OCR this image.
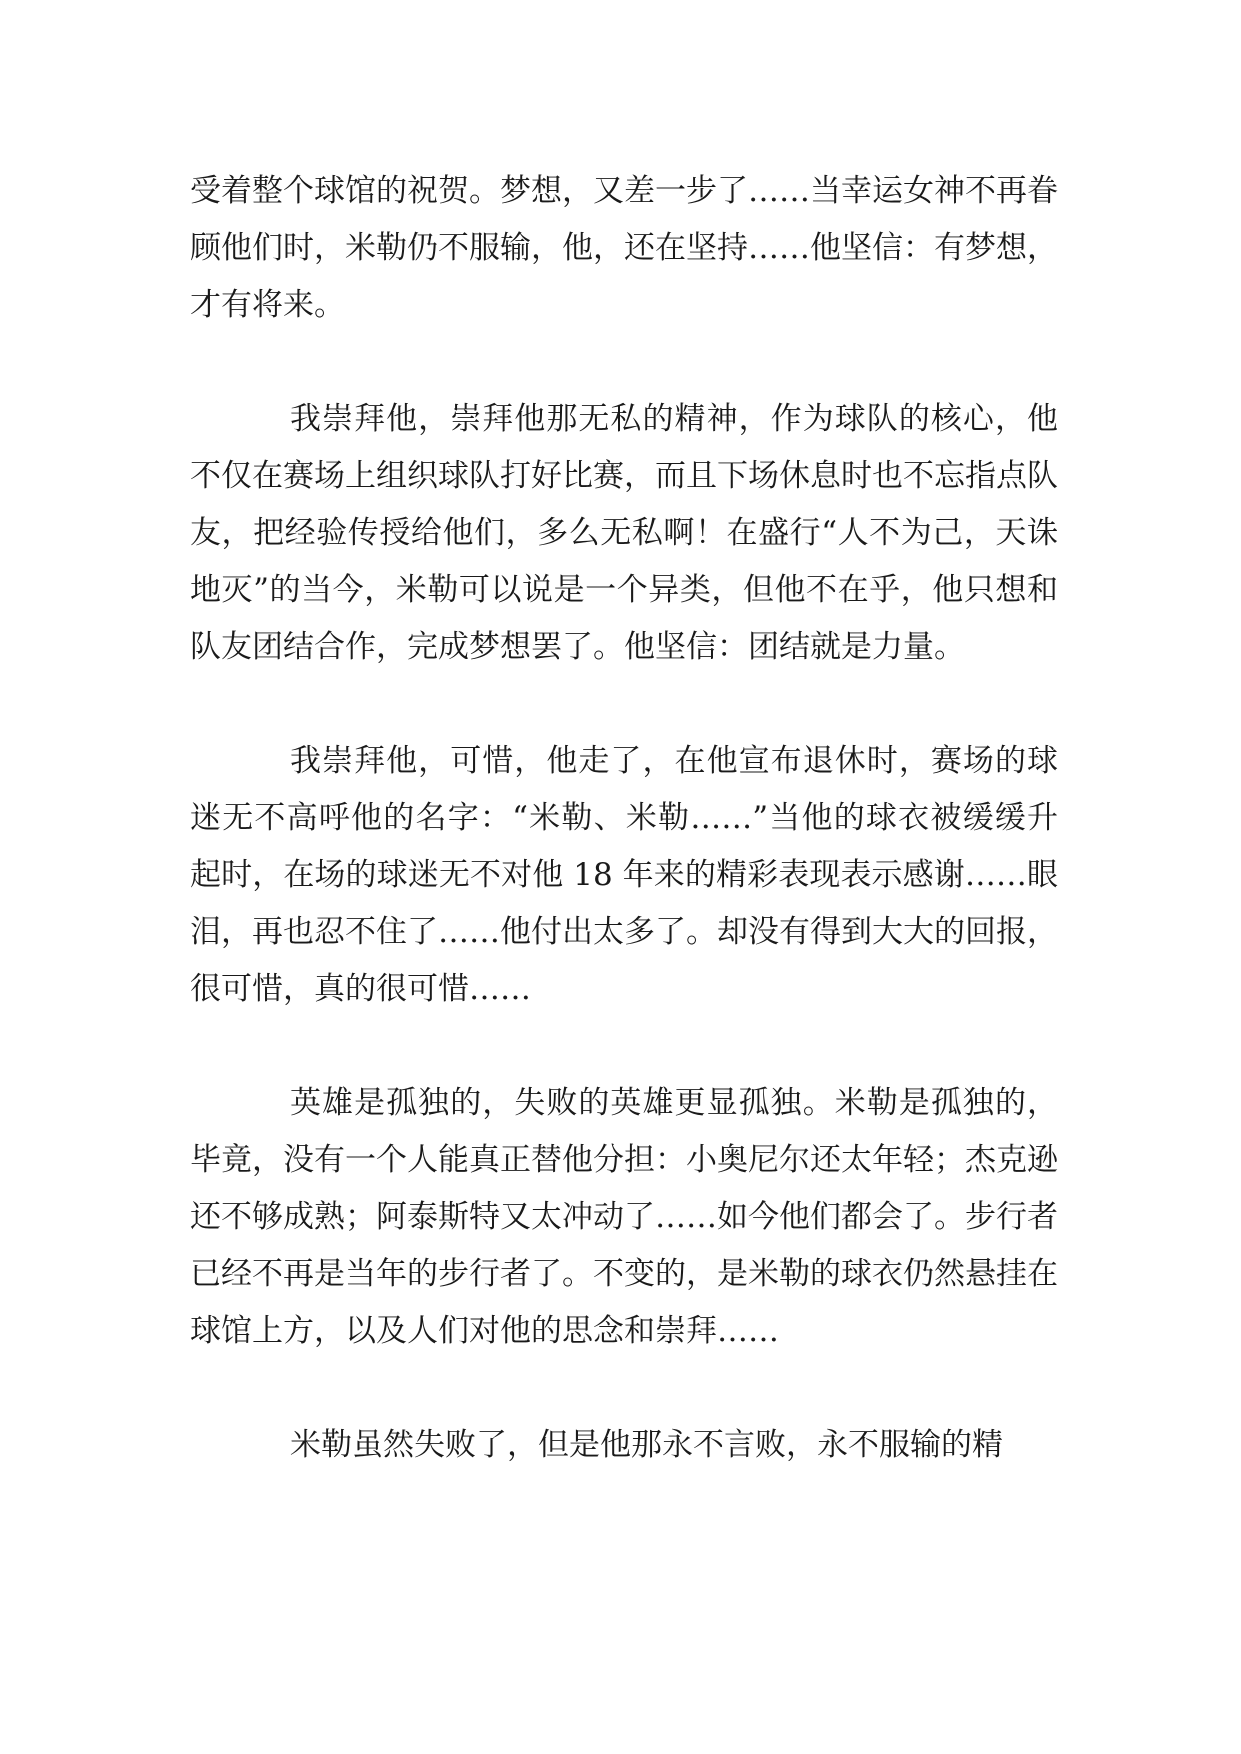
受着整个球馆的祝贺。梦想，又差一步了……当幸运女神不再眷顾他们时，米勒仍不服输，他，还在坚持……他坚信：有梦想，才有将来。

我崇拜他，崇拜他那无私的精神，作为球队的核心，他不仅在赛场上组织球队打好比赛，而且下场休息时也不忘指点队友，把经验传授给他们，多么无私啊！在盛行“人不为己，天诛地灭”的当今，米勒可以说是一个异类，但他不在乎，他只想和队友团结合作，完成梦想罢了。他坚信：团结就是力量。

我崇拜他，可惜，他走了，在他宣布退休时，赛场的球迷无不高呼他的名字：“米勒、米勒……”当他的球衣被缓缓升起时，在场的球迷无不对他 18 年来的精彩表现表示感谢……眼泪，再也忍不住了……他付出太多了。却没有得到大大的回报，很可惜，真的很可惜……

英雄是孤独的，失败的英雄更显孤独。米勒是孤独的，毕竟，没有一个人能真正替他分担：小奥尼尔还太年轻；杰克逊还不够成熟；阿泰斯特又太冲动了……如今他们都会了。步行者已经不再是当年的步行者了。不变的，是米勒的球衣仍然悬挂在球馆上方，以及人们对他的思念和崇拜……

米勒虽然失败了，但是他那永不言败，永不服输的精
